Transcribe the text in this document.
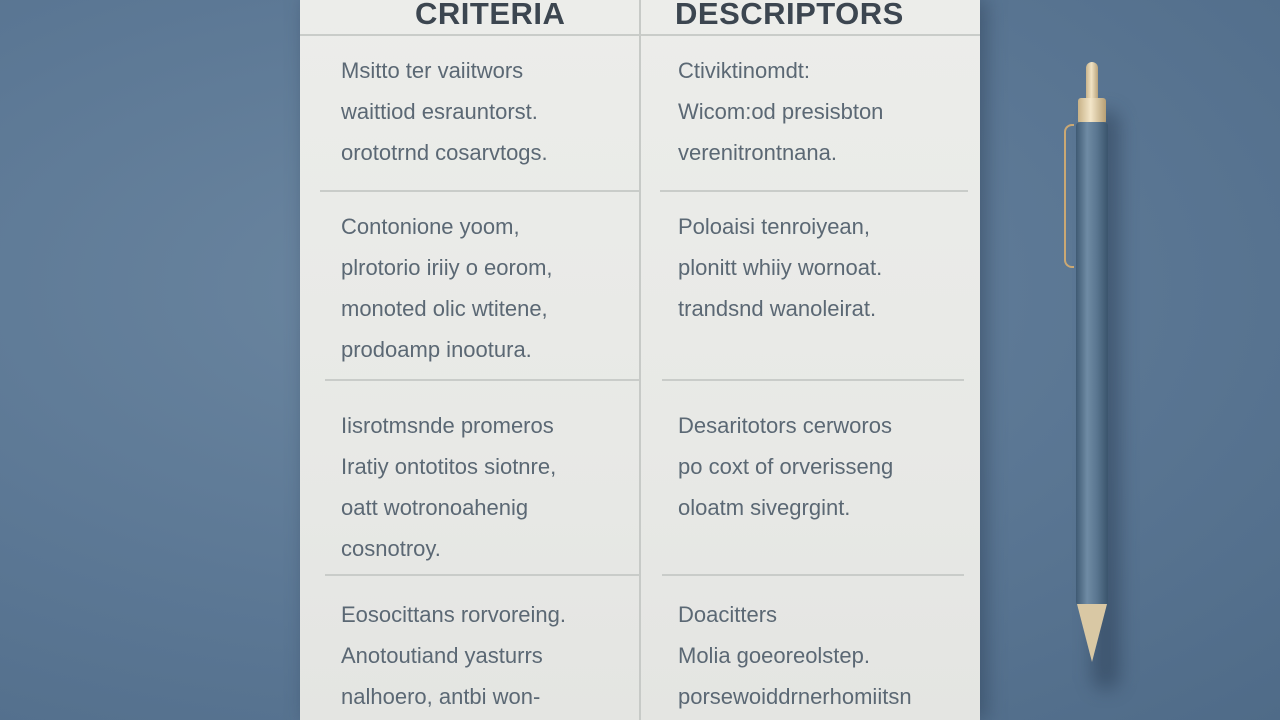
CRITERIA	DESCRIPTORS
Msitto ter vaiitwors
waittiod esrauntorst.
orototrnd cosarvtogs.
Ctiviktinomdt:
Wicom:od presisbton
verenitrontnana.
Contonione yoom,
plrotorio iriiy o eorom,
monoted olic wtitene,
prodoamp inootura.
Poloaisi tenroiyean,
plonitt whiiy wornoat.
trandsnd wanoleirat.
Iisrotmsnde promeros
Iratiy ontotitos siotnre,
oatt wotronoahenig
cosnotroy.
Desaritotors cerworos
po coxt of orverisseng
oloatm sivegrgint.
Eosocittans rorvoreing.
Anotoutiand yasturrs
nalhoero, antbi won-
Doacitters
Molia goeoreolstep.
porsewoiddrnerhomiitsn
